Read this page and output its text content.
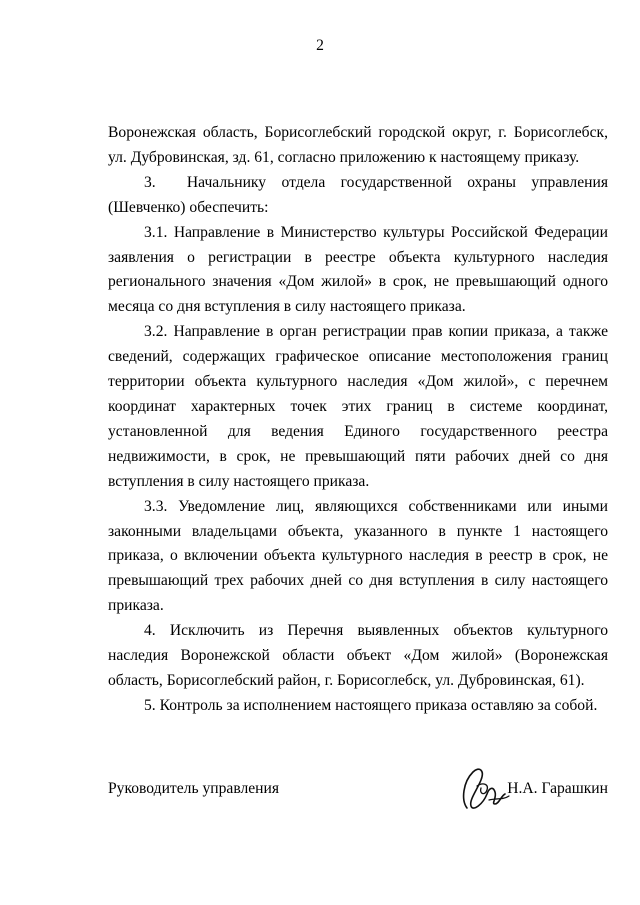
2

Воронежская область, Борисоглебский городской округ, г. Борисоглебск, ул. Дубровинская, зд. 61, согласно приложению к настоящему приказу.

3.  Начальнику отдела государственной охраны управления (Шевченко) обеспечить:

3.1. Направление в Министерство культуры Российской Федерации заявления о регистрации в реестре объекта культурного наследия регионального значения «Дом жилой» в срок, не превышающий одного месяца со дня вступления в силу настоящего приказа.

3.2. Направление в орган регистрации прав копии приказа, а также сведений, содержащих графическое описание местоположения границ территории объекта культурного наследия «Дом жилой», с перечнем координат характерных точек этих границ в системе координат, установленной для ведения Единого государственного реестра недвижимости, в срок, не превышающий пяти рабочих дней со дня вступления в силу настоящего приказа.

3.3. Уведомление лиц, являющихся собственниками или иными законными владельцами объекта, указанного в пункте 1 настоящего приказа, о включении объекта культурного наследия в реестр в срок, не превышающий трех рабочих дней со дня вступления в силу настоящего приказа.

4. Исключить из Перечня выявленных объектов культурного наследия Воронежской области объект «Дом жилой» (Воронежская область, Борисоглебский район, г. Борисоглебск, ул. Дубровинская, 61).

5. Контроль за исполнением настоящего приказа оставляю за собой.

Руководитель управления	Н.А. Гарашкин
